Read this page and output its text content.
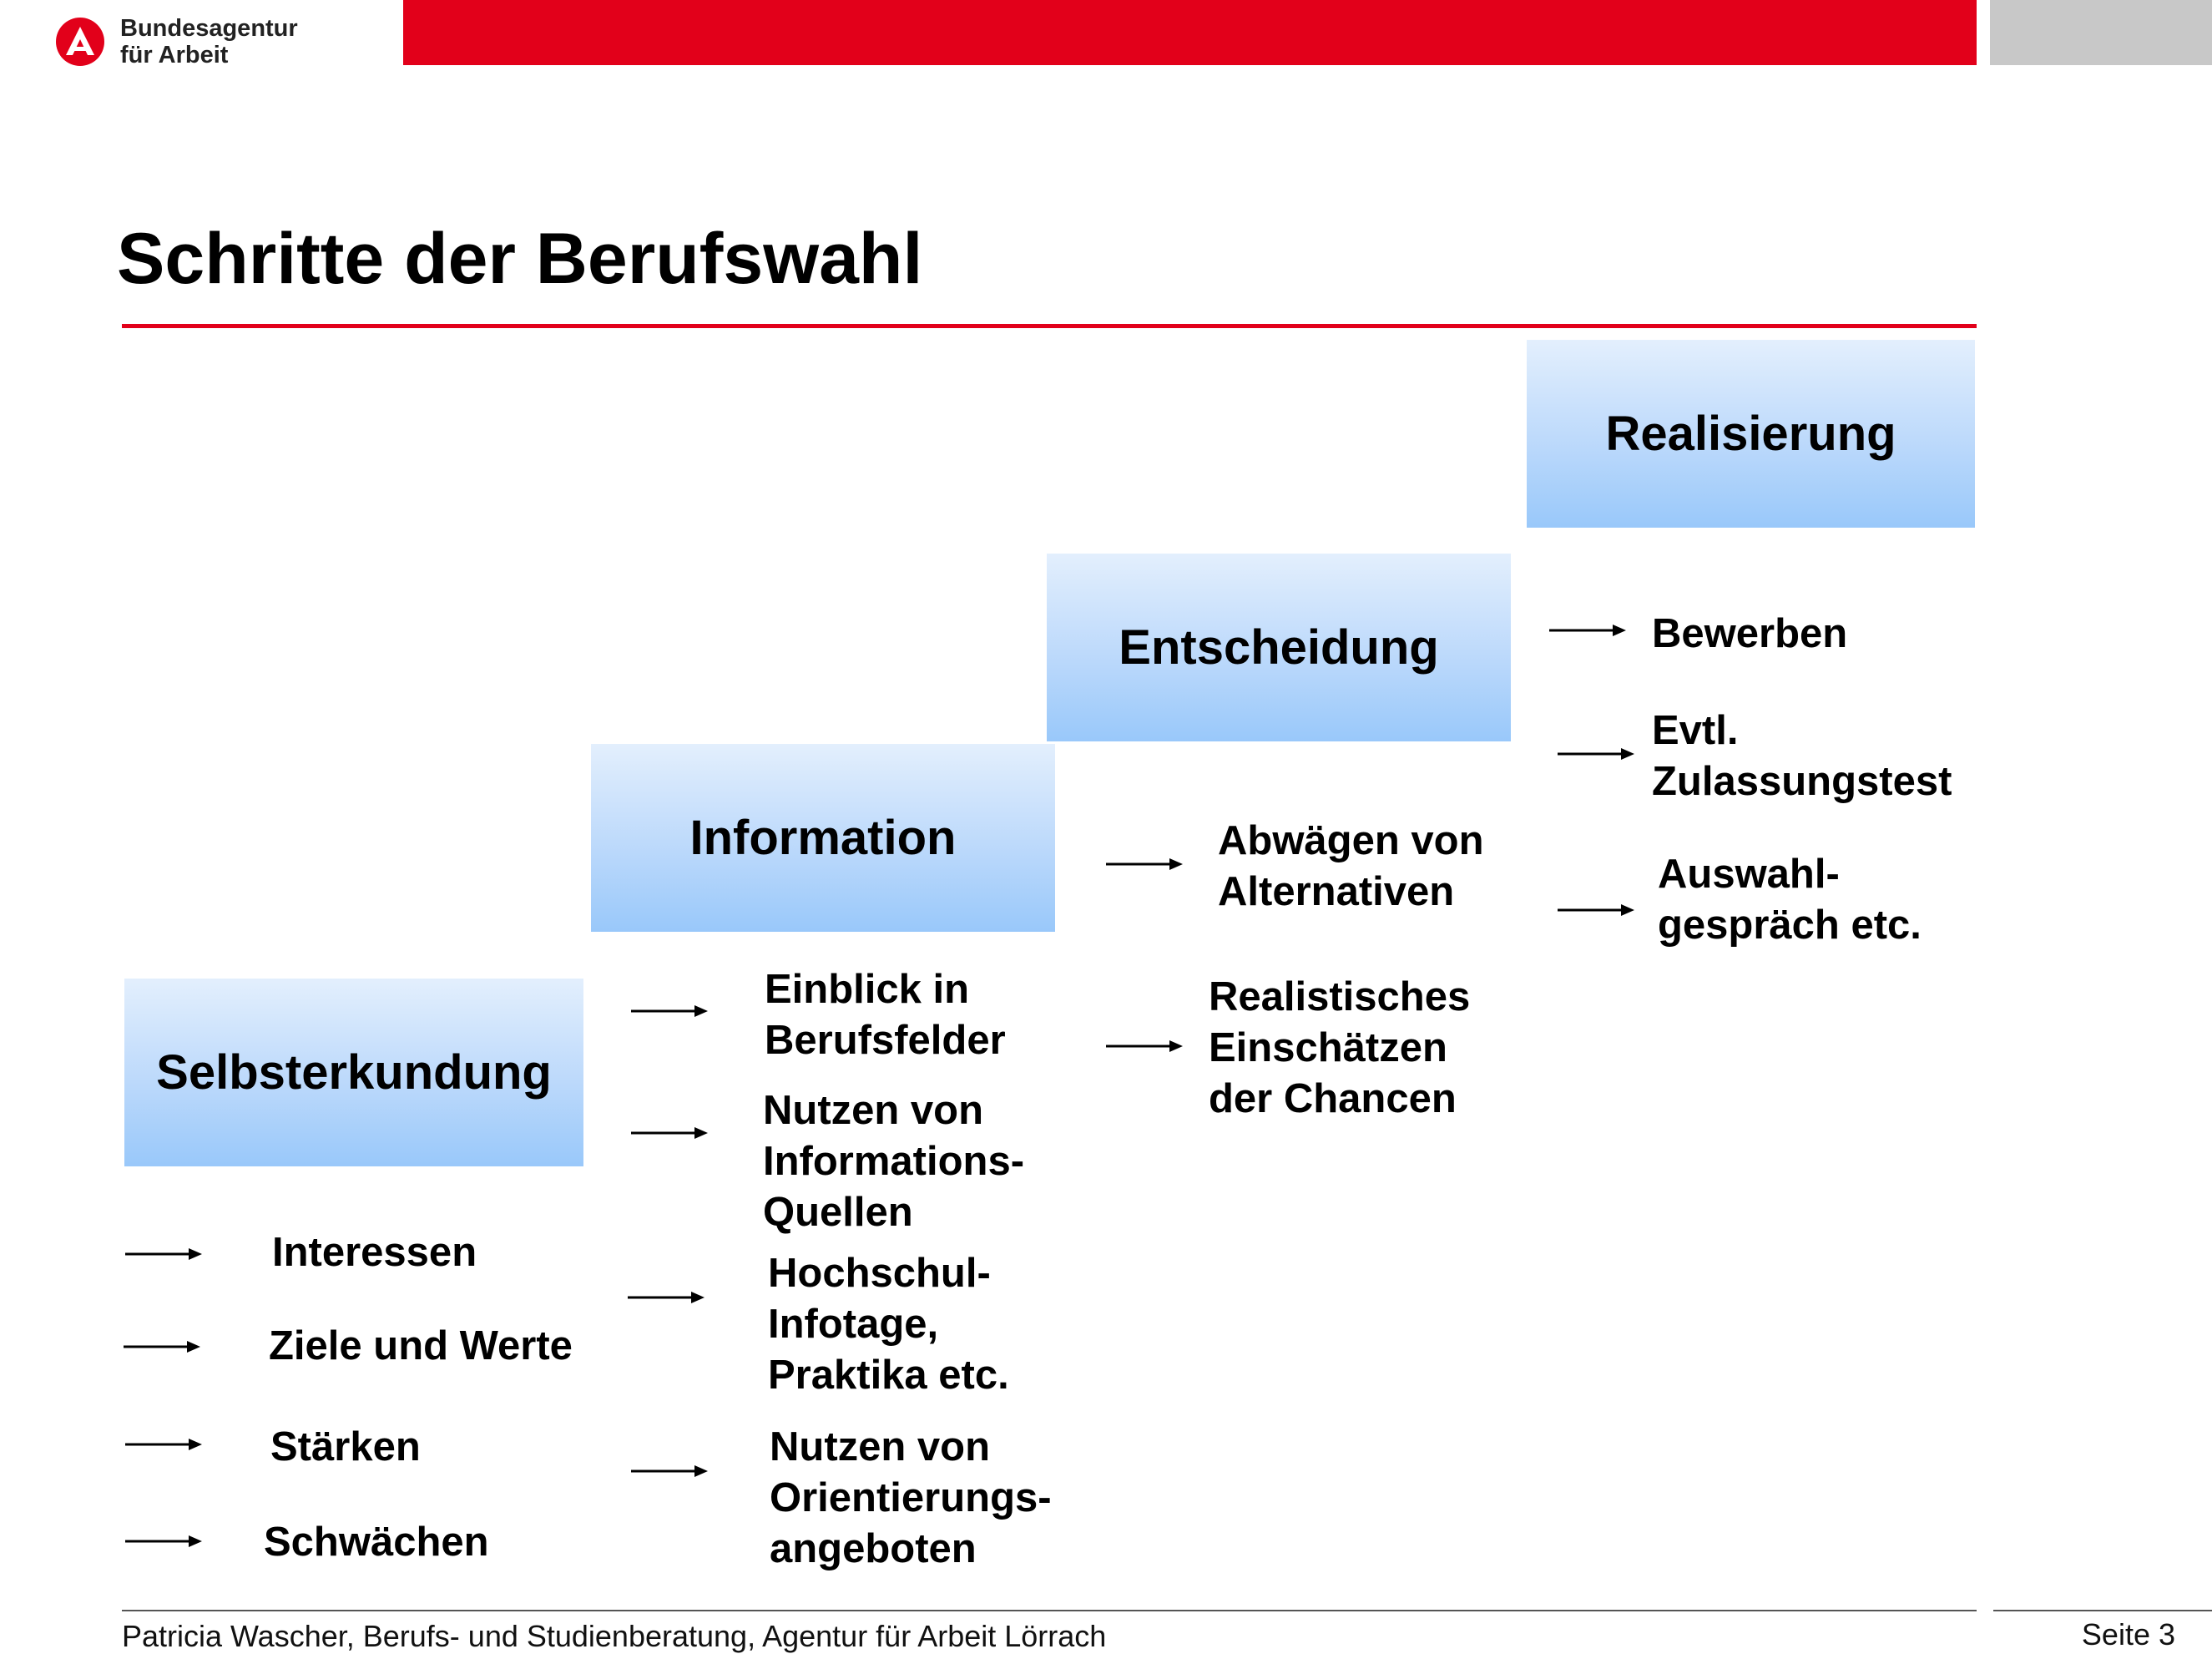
Bundesagentur
für Arbeit
Schritte der Berufswahl
Selbsterkundung
Information
Entscheidung
Realisierung
Interessen
Ziele und Werte
Stärken
Schwächen
Einblick in
Berufsfelder
Nutzen von
Informations-
Quellen
Hochschul-
Infotage,
Praktika etc.
Nutzen von
Orientierungs-
angeboten
Abwägen von
Alternativen
Realistisches
Einschätzen
der Chancen
Bewerben
Evtl.
Zulassungstest
Auswahl-
gespräch etc.
Patricia Wascher, Berufs- und Studienberatung, Agentur für Arbeit Lörrach	Seite 3
